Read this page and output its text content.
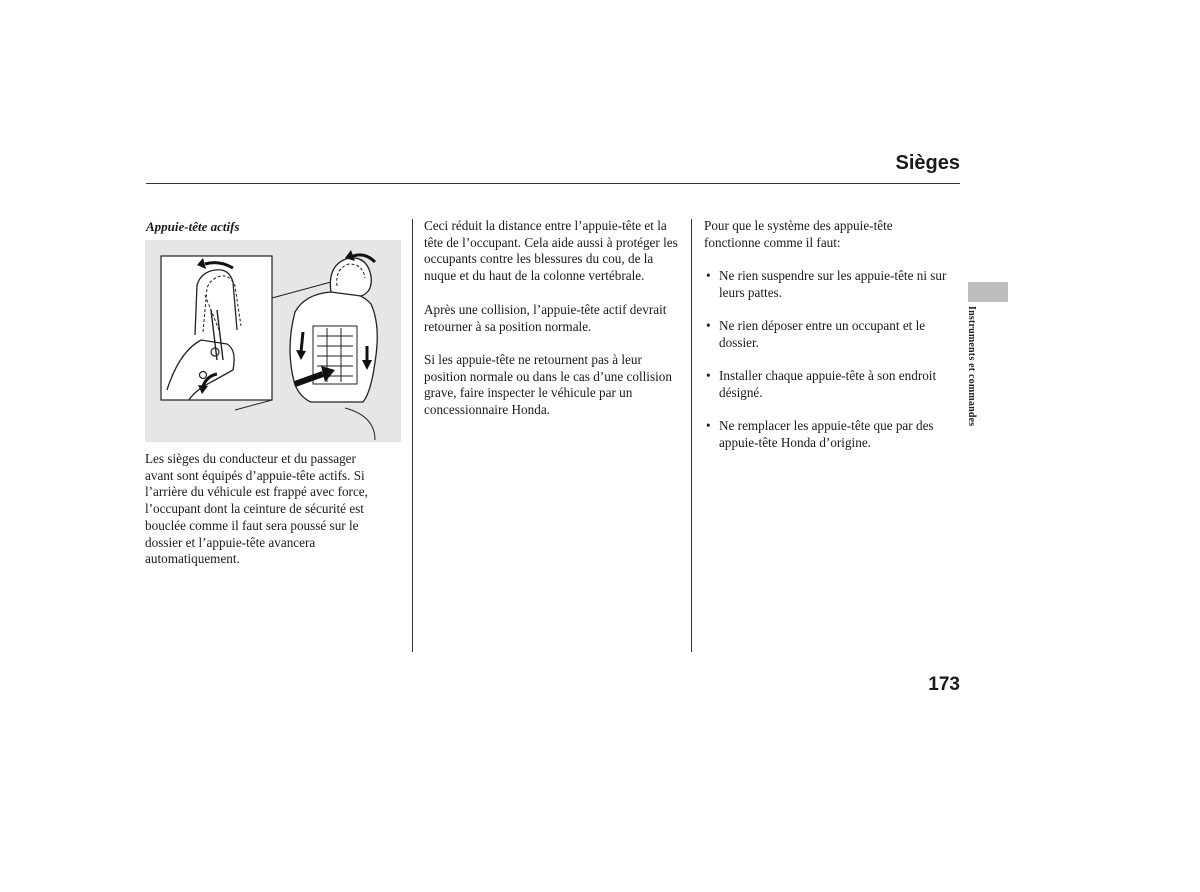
Sièges
Appuie-tête actifs

Les sièges du conducteur et du passager avant sont équipés d’appuie-tête actifs. Si l’arrière du véhicule est frappé avec force, l’occupant dont la ceinture de sécurité est bouclée comme il faut sera poussé sur le dossier et l’appuie-tête avancera automatiquement.

Ceci réduit la distance entre l’appuie-tête et la tête de l’occupant. Cela aide aussi à protéger les occupants contre les blessures du cou, de la nuque et du haut de la colonne vertébrale.

Après une collision, l’appuie-tête actif devrait retourner à sa position normale.

Si les appuie-tête ne retournent pas à leur position normale ou dans le cas d’une collision grave, faire inspecter le véhicule par un concessionnaire Honda.

Pour que le système des appuie-tête fonctionne comme il faut:

• Ne rien suspendre sur les appuie-tête ni sur leurs pattes.
• Ne rien déposer entre un occupant et le dossier.
• Installer chaque appuie-tête à son endroit désigné.
• Ne remplacer les appuie-tête que par des appuie-tête Honda d’origine.
Instruments et commandes
173
